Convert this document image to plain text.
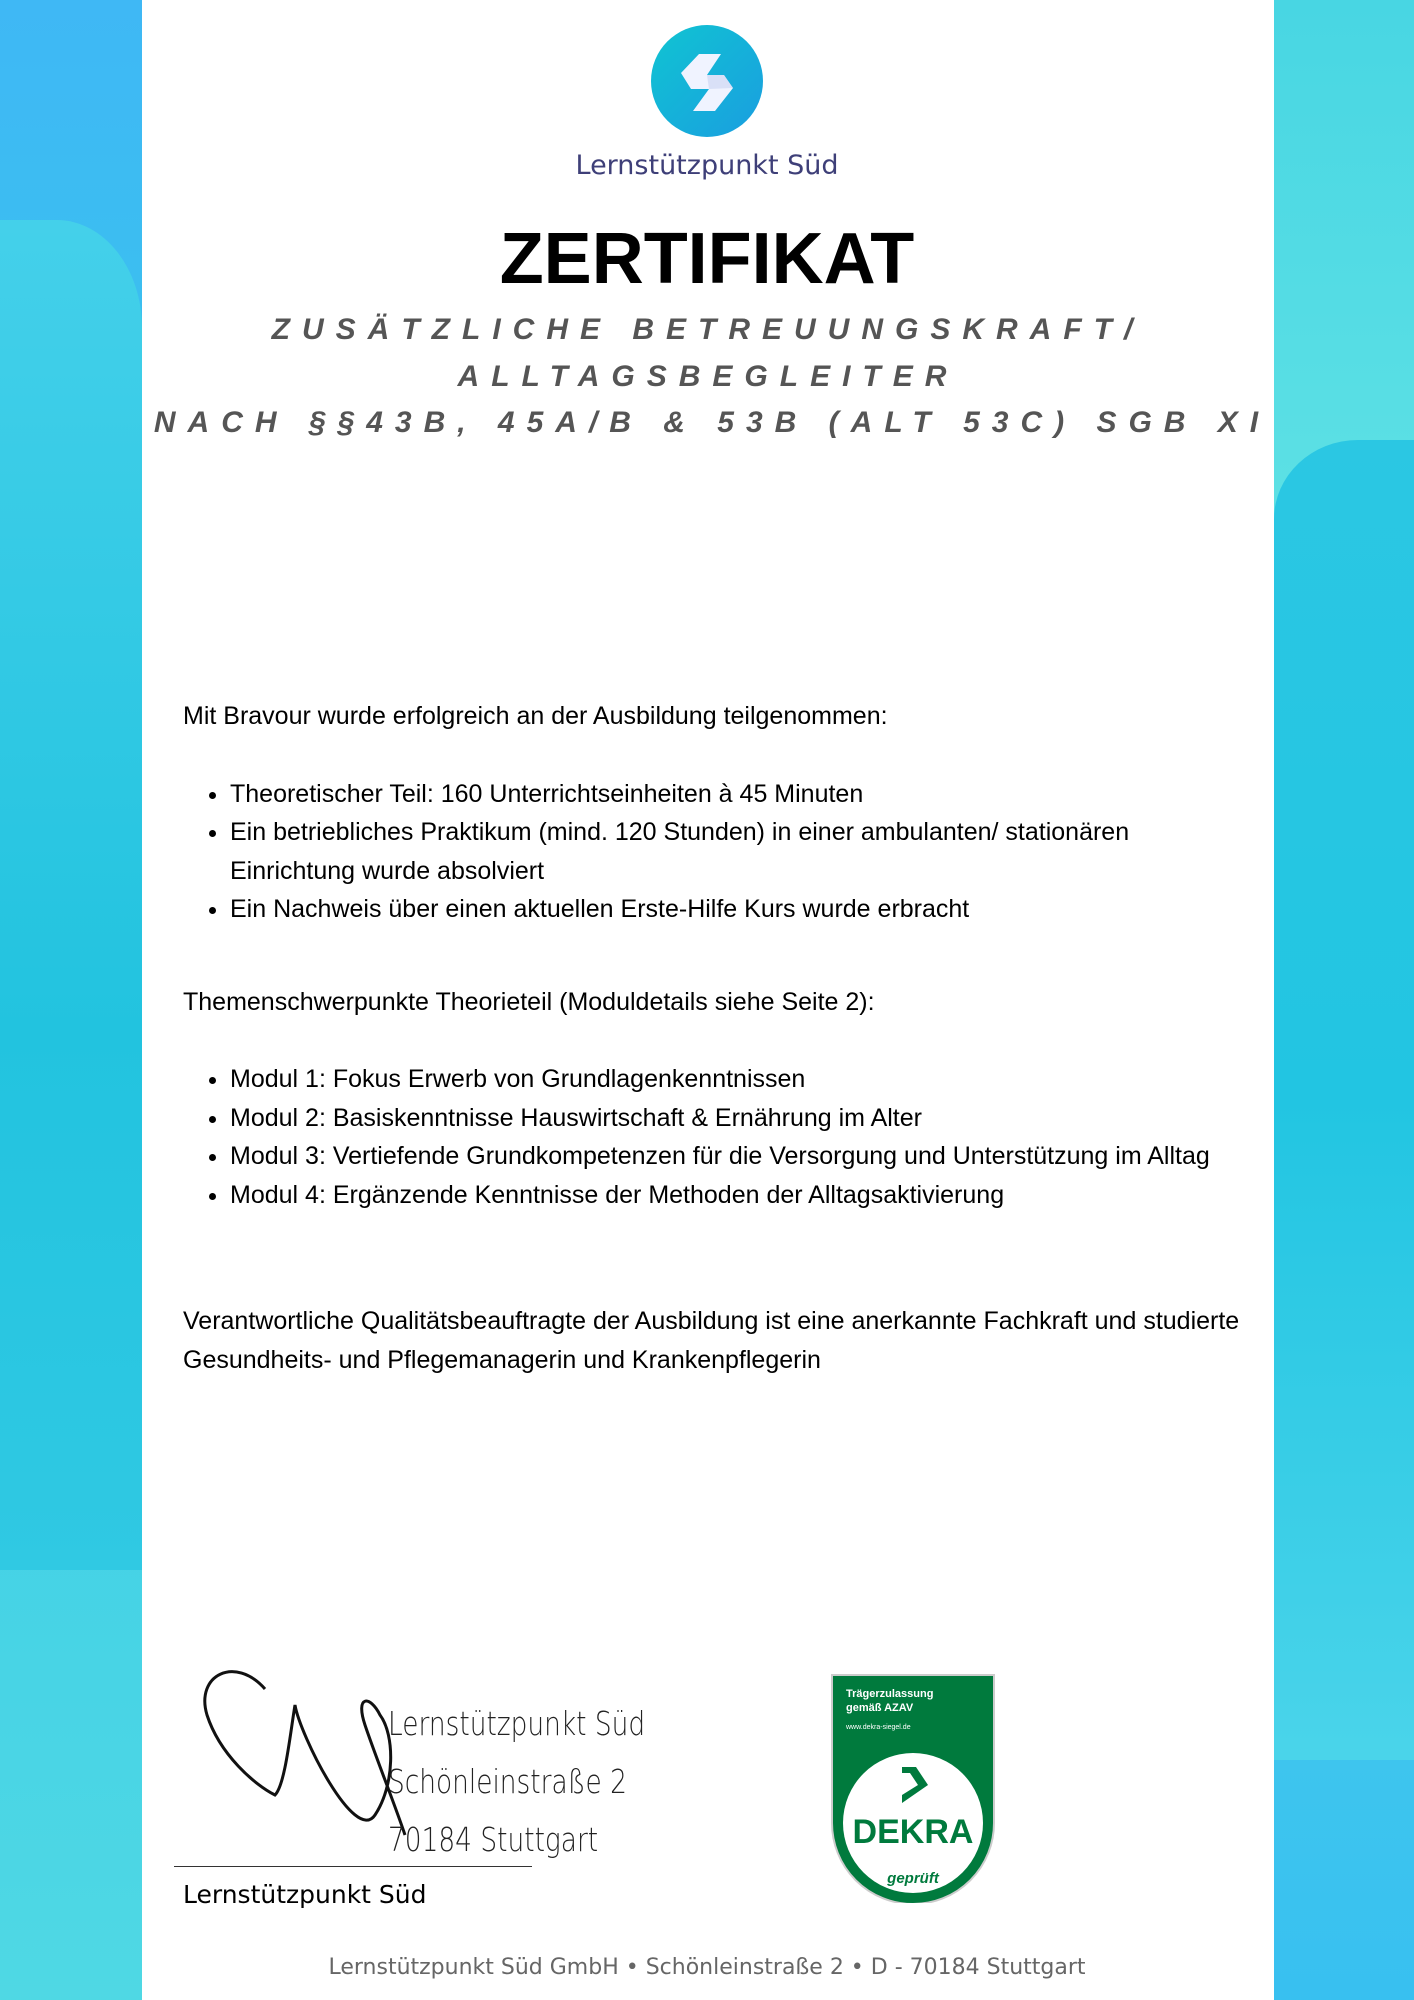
Lernstützpunkt Süd
ZERTIFIKAT
ZUSÄTZLICHE BETREUUNGSKRAFT/
ALLTAGSBEGLEITER
NACH §§43B, 45A/B & 53B (ALT 53C) SGB XI

Mit Bravour wurde erfolgreich an der Ausbildung teilgenommen:

• Theoretischer Teil: 160 Unterrichtseinheiten à 45 Minuten
• Ein betriebliches Praktikum (mind. 120 Stunden) in einer ambulanten/ stationären Einrichtung wurde absolviert
• Ein Nachweis über einen aktuellen Erste-Hilfe Kurs wurde erbracht

Themenschwerpunkte Theorieteil (Moduldetails siehe Seite 2):

• Modul 1: Fokus Erwerb von Grundlagenkenntnissen
• Modul 2: Basiskenntnisse Hauswirtschaft & Ernährung im Alter
• Modul 3: Vertiefende Grundkompetenzen für die Versorgung und Unterstützung im Alltag
• Modul 4: Ergänzende Kenntnisse der Methoden der Alltagsaktivierung

Verantwortliche Qualitätsbeauftragte der Ausbildung ist eine anerkannte Fachkraft und studierte Gesundheits- und Pflegemanagerin und Krankenpflegerin

Lernstützpunkt Süd
Schönleinstraße 2
70184 Stuttgart
Lernstützpunkt Süd
Trägerzulassung
gemäß AZAV
www.dekra-siegel.de
DEKRA
geprüft
Lernstützpunkt Süd GmbH • Schönleinstraße 2 • D - 70184 Stuttgart
